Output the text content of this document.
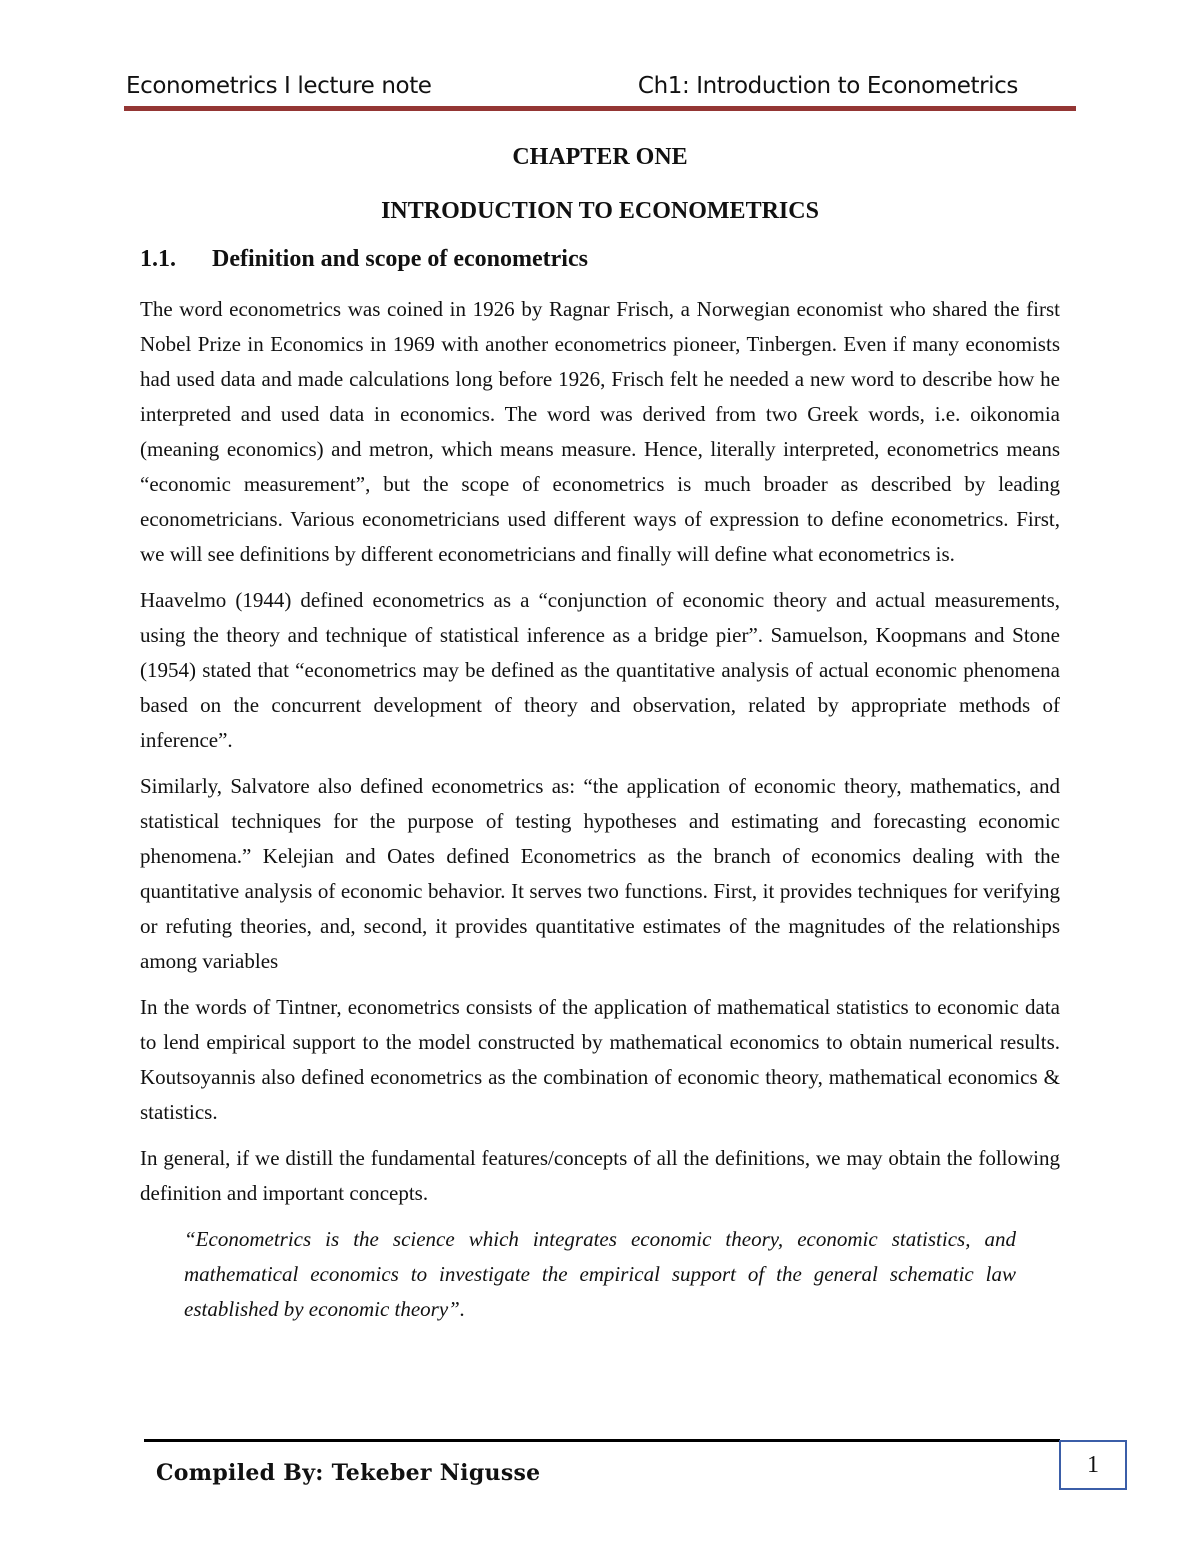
Econometrics I lecture note	Ch1: Introduction to Econometrics
CHAPTER ONE
INTRODUCTION TO ECONOMETRICS
1.1. Definition and scope of econometrics

The word econometrics was coined in 1926 by Ragnar Frisch, a Norwegian economist who shared the first Nobel Prize in Economics in 1969 with another econometrics pioneer, Tinbergen. Even if many economists had used data and made calculations long before 1926, Frisch felt he needed a new word to describe how he interpreted and used data in economics. The word was derived from two Greek words, i.e. oikonomia (meaning economics) and metron, which means measure. Hence, literally interpreted, econometrics means “economic measurement”, but the scope of econometrics is much broader as described by leading econometricians. Various econometricians used different ways of expression to define econometrics. First, we will see definitions by different econometricians and finally will define what econometrics is.

Haavelmo (1944) defined econometrics as a “conjunction of economic theory and actual measurements, using the theory and technique of statistical inference as a bridge pier”. Samuelson, Koopmans and Stone (1954) stated that “econometrics may be defined as the quantitative analysis of actual economic phenomena based on the concurrent development of theory and observation, related by appropriate methods of inference”.

Similarly, Salvatore also defined econometrics as: “the application of economic theory, mathematics, and statistical techniques for the purpose of testing hypotheses and estimating and forecasting economic phenomena.” Kelejian and Oates defined Econometrics as the branch of economics dealing with the quantitative analysis of economic behavior. It serves two functions. First, it provides techniques for verifying or refuting theories, and, second, it provides quantitative estimates of the magnitudes of the relationships among variables

In the words of Tintner, econometrics consists of the application of mathematical statistics to economic data to lend empirical support to the model constructed by mathematical economics to obtain numerical results. Koutsoyannis also defined econometrics as the combination of economic theory, mathematical economics & statistics.

In general, if we distill the fundamental features/concepts of all the definitions, we may obtain the following definition and important concepts.

“Econometrics is the science which integrates economic theory, economic statistics, and mathematical economics to investigate the empirical support of the general schematic law established by economic theory”.

Compiled By: Tekeber Nigusse	1
